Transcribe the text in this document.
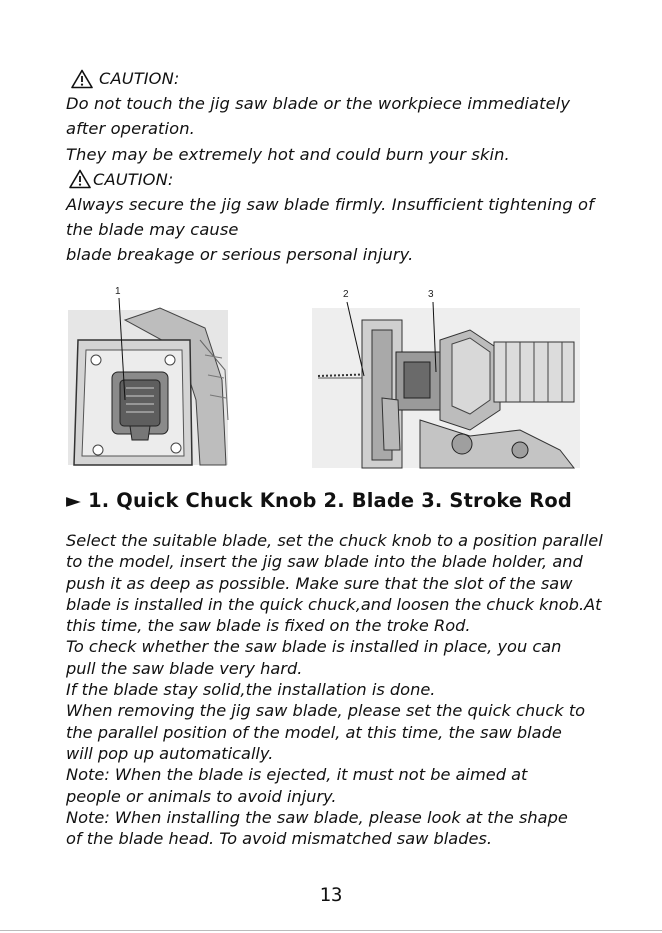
CAUTION:
Do not touch the jig saw blade or the workpiece immediately
after operation.
They may be extremely hot and could burn your skin.
CAUTION:
Always secure the jig saw blade firmly. Insufficient tightening of
the blade may cause
blade breakage or serious personal injury.
1	2	3
► 1. Quick Chuck Knob 2. Blade 3. Stroke Rod
Select the suitable blade, set the chuck knob to a position parallel
to the model, insert the jig saw blade into the blade holder, and
push it as deep as possible. Make sure that the slot of the saw
blade is installed in the quick chuck,and loosen the chuck knob.At
this time, the saw blade is fixed on the troke Rod.
To check whether the saw blade is installed in place, you can
pull the saw blade very hard.
If the blade stay solid,the installation is done.
When removing the jig saw blade, please set the quick chuck to
the parallel position of the model, at this time, the saw blade
will pop up automatically.
Note: When the blade is ejected, it must not be aimed at
people or animals to avoid injury.
Note: When installing the saw blade, please look at the shape
of the blade head. To avoid mismatched saw blades.
13
